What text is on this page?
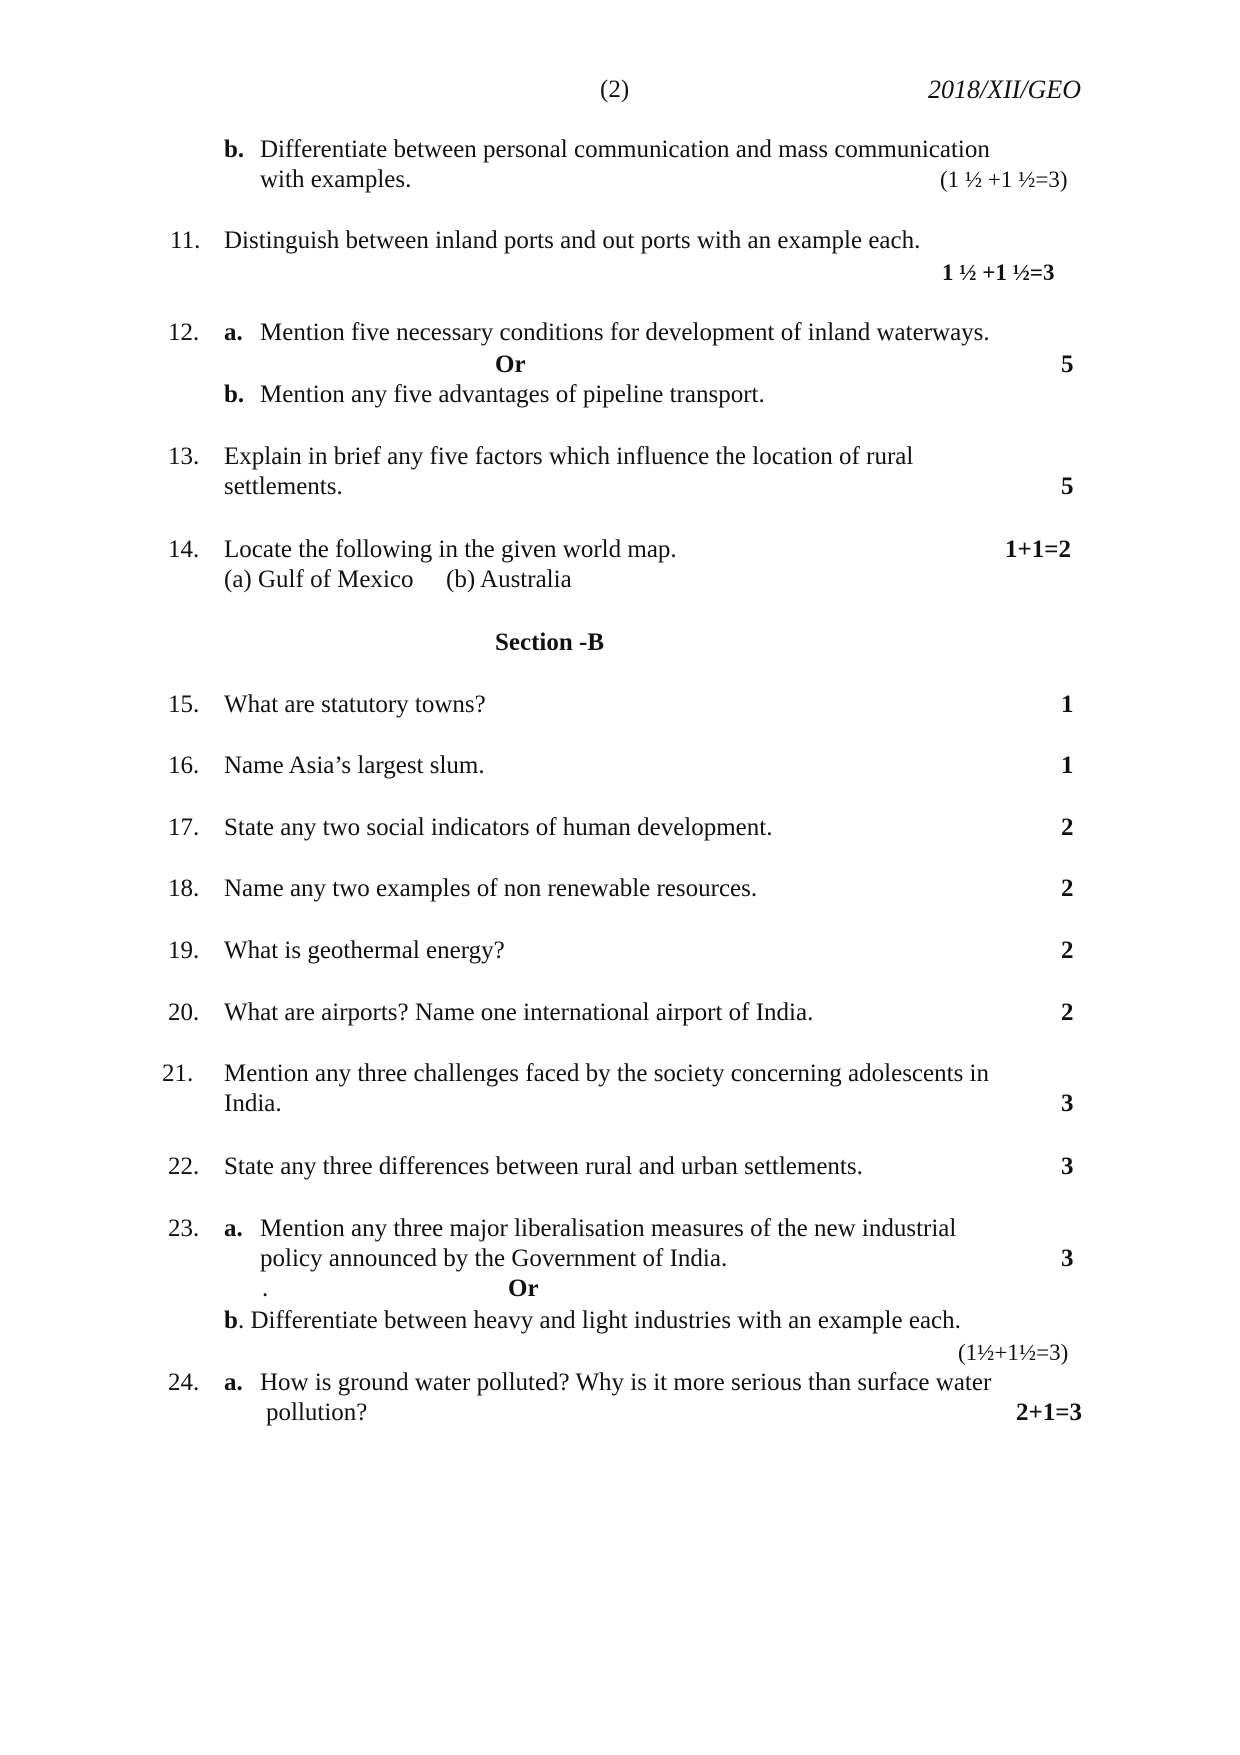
(2)	2018/XII/GEO
b. Differentiate between personal communication and mass communication
with examples.	(1 ½ +1 ½=3)
11. Distinguish between inland ports and out ports with an example each.
1 ½ +1 ½=3
12. a. Mention five necessary conditions for development of inland waterways.
Or	5
b. Mention any five advantages of pipeline transport.
13. Explain in brief any five factors which influence the location of rural
settlements.	5
14. Locate the following in the given world map.	1+1=2
(a) Gulf of Mexico (b) Australia
Section -B
15. What are statutory towns?	1
16. Name Asia’s largest slum.	1
17. State any two social indicators of human development.	2
18. Name any two examples of non renewable resources.	2
19. What is geothermal energy?	2
20. What are airports? Name one international airport of India.	2
21. Mention any three challenges faced by the society concerning adolescents in
India.	3
22. State any three differences between rural and urban settlements.	3
23. a. Mention any three major liberalisation measures of the new industrial
policy announced by the Government of India.	3
.	Or
b . Differentiate between heavy and light industries with an example each.
(1½+1½=3)
24. a. How is ground water polluted? Why is it more serious than surface water
pollution?	2+1=3
